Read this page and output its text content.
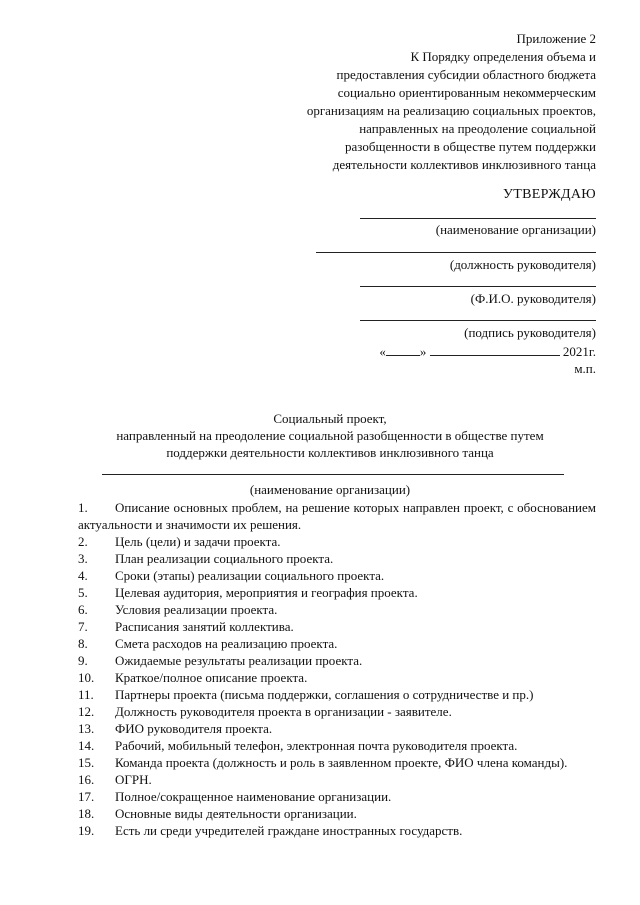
Приложение 2
К Порядку определения объема и
предоставления субсидии областного бюджета
социально ориентированным некоммерческим
организациям на реализацию социальных проектов,
направленных на преодоление социальной
разобщенности в обществе путем поддержки
деятельности коллективов инклюзивного танца
УТВЕРЖДАЮ
(наименование организации)
(должность руководителя)
(Ф.И.О. руководителя)
(подпись руководителя)
«	»	2021г.
м.п.
Социальный проект,
направленный на преодоление социальной разобщенности в обществе путем
поддержки деятельности коллективов инклюзивного танца
(наименование организации)
1. Описание основных проблем, на решение которых направлен проект, с обоснованием актуальности и значимости их решения.
2. Цель (цели) и задачи проекта.
3. План реализации социального проекта.
4. Сроки (этапы) реализации социального проекта.
5. Целевая аудитория, мероприятия и география проекта.
6. Условия реализации проекта.
7. Расписания занятий коллектива.
8. Смета расходов на реализацию проекта.
9. Ожидаемые результаты реализации проекта.
10. Краткое/полное описание проекта.
11. Партнеры проекта (письма поддержки, соглашения о сотрудничестве и пр.)
12. Должность руководителя проекта в организации - заявителе.
13. ФИО руководителя проекта.
14. Рабочий, мобильный телефон, электронная почта руководителя проекта.
15. Команда проекта (должность и роль в заявленном проекте, ФИО члена команды).
16. ОГРН.
17. Полное/сокращенное наименование организации.
18. Основные виды деятельности организации.
19. Есть ли среди учредителей граждане иностранных государств.
